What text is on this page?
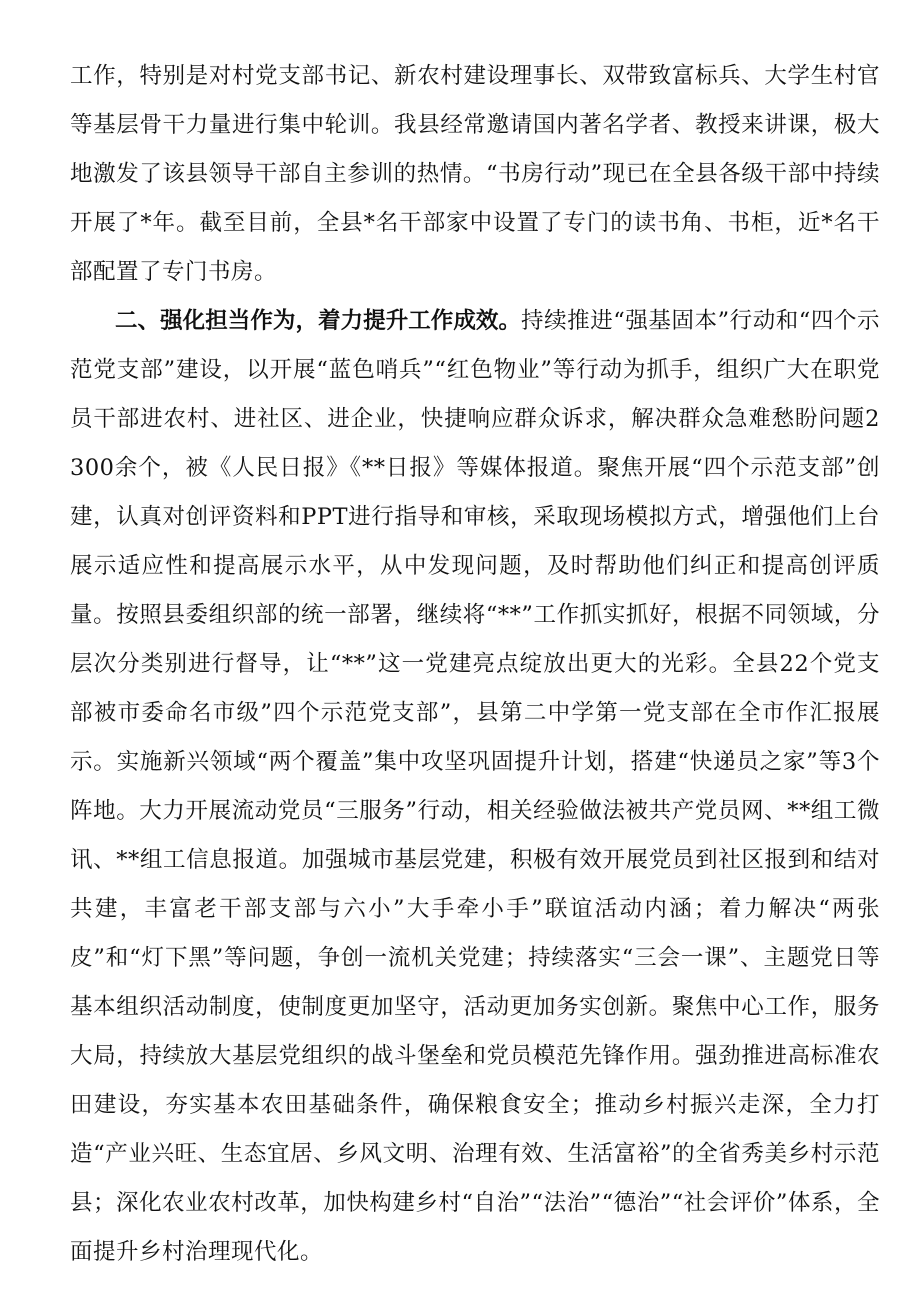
工作，特别是对村党支部书记、新农村建设理事长、双带致富标兵、大学生村官等基层骨干力量进行集中轮训。我县经常邀请国内著名学者、教授来讲课，极大地激发了该县领导干部自主参训的热情。“书房行动”现已在全县各级干部中持续开展了*年。截至目前，全县*名干部家中设置了专门的读书角、书柜，近*名干部配置了专门书房。

二、强化担当作为，着力提升工作成效。持续推进“强基固本”行动和“四个示范党支部”建设，以开展“蓝色哨兵”“红色物业”等行动为抓手，组织广大在职党员干部进农村、进社区、进企业，快捷响应群众诉求，解决群众急难愁盼问题2300余个，被《人民日报》《**日报》等媒体报道。聚焦开展“四个示范支部”创建，认真对创评资料和PPT进行指导和审核，采取现场模拟方式，增强他们上台展示适应性和提高展示水平，从中发现问题，及时帮助他们纠正和提高创评质量。按照县委组织部的统一部署，继续将“**”工作抓实抓好，根据不同领域，分层次分类别进行督导，让“**”这一党建亮点绽放出更大的光彩。全县22个党支部被市委命名市级”四个示范党支部”，县第二中学第一党支部在全市作汇报展示。实施新兴领域“两个覆盖”集中攻坚巩固提升计划，搭建“快递员之家”等3个阵地。大力开展流动党员“三服务”行动，相关经验做法被共产党员网、**组工微讯、**组工信息报道。加强城市基层党建，积极有效开展党员到社区报到和结对共建，丰富老干部支部与六小”大手牵小手”联谊活动内涵；着力解决“两张皮”和“灯下黑”等问题，争创一流机关党建；持续落实“三会一课”、主题党日等基本组织活动制度，使制度更加坚守，活动更加务实创新。聚焦中心工作，服务大局，持续放大基层党组织的战斗堡垒和党员模范先锋作用。强劲推进高标准农田建设，夯实基本农田基础条件，确保粮食安全；推动乡村振兴走深，全力打造“产业兴旺、生态宜居、乡风文明、治理有效、生活富裕”的全省秀美乡村示范县；深化农业农村改革，加快构建乡村“自治”“法治”“德治”“社会评价”体系，全面提升乡村治理现代化。
